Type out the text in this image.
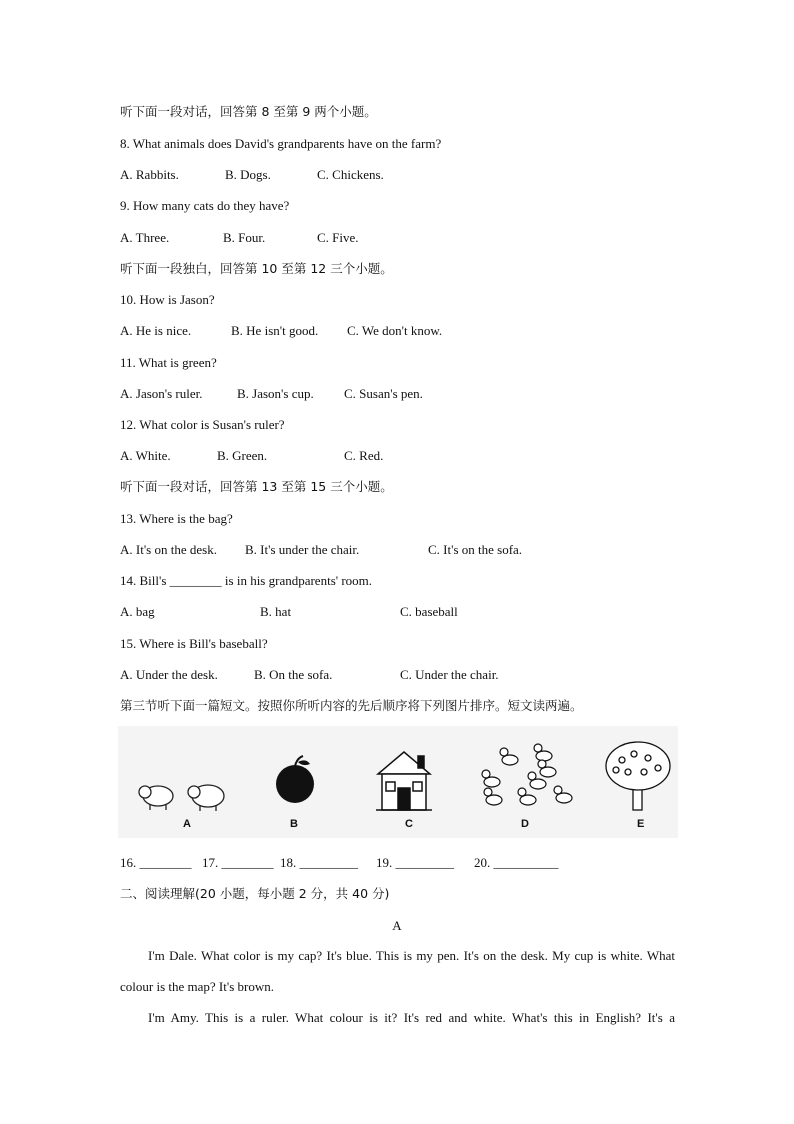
听下面一段对话，回答第 8 至第 9 两个小题。
8. What animals does David's grandparents have on the farm?
A. Rabbits.	B. Dogs.	C. Chickens.
9. How many cats do they have?
A. Three.	B. Four.	C. Five.
听下面一段独白，回答第 10 至第 12 三个小题。
10. How is Jason?
A. He is nice.	B. He isn't good. C. We don't know.
11. What is green?
A. Jason's ruler.	B. Jason's cup. C. Susan's pen.
12. What color is Susan's ruler?
A. White.	B. Green.	C. Red.
听下面一段对话，回答第 13 至第 15 三个小题。
13. Where is the bag?
A. It's on the desk. B. It's under the chair.	C. It's on the sofa.
14. Bill's ________ is in his grandparents' room.
A. bag	B. hat	C. baseball
15. Where is Bill's baseball?
A. Under the desk.	B. On the sofa.	C. Under the chair.
第三节听下面一篇短文。按照你所听内容的先后顺序将下列图片排序。短文读两遍。
A	B	C	D	E
16. ________ 17. ________ 18. _________ 19. _________ 20. __________
二、阅读理解(20 小题，每小题 2 分，共 40 分)
A
I'm Dale. What color is my cap? It's blue. This is my pen. It's on the desk. My cup is white. What colour is the map? It's brown.
I'm Amy. This is a ruler. What colour is it? It's red and white. What's this in English? It's a
